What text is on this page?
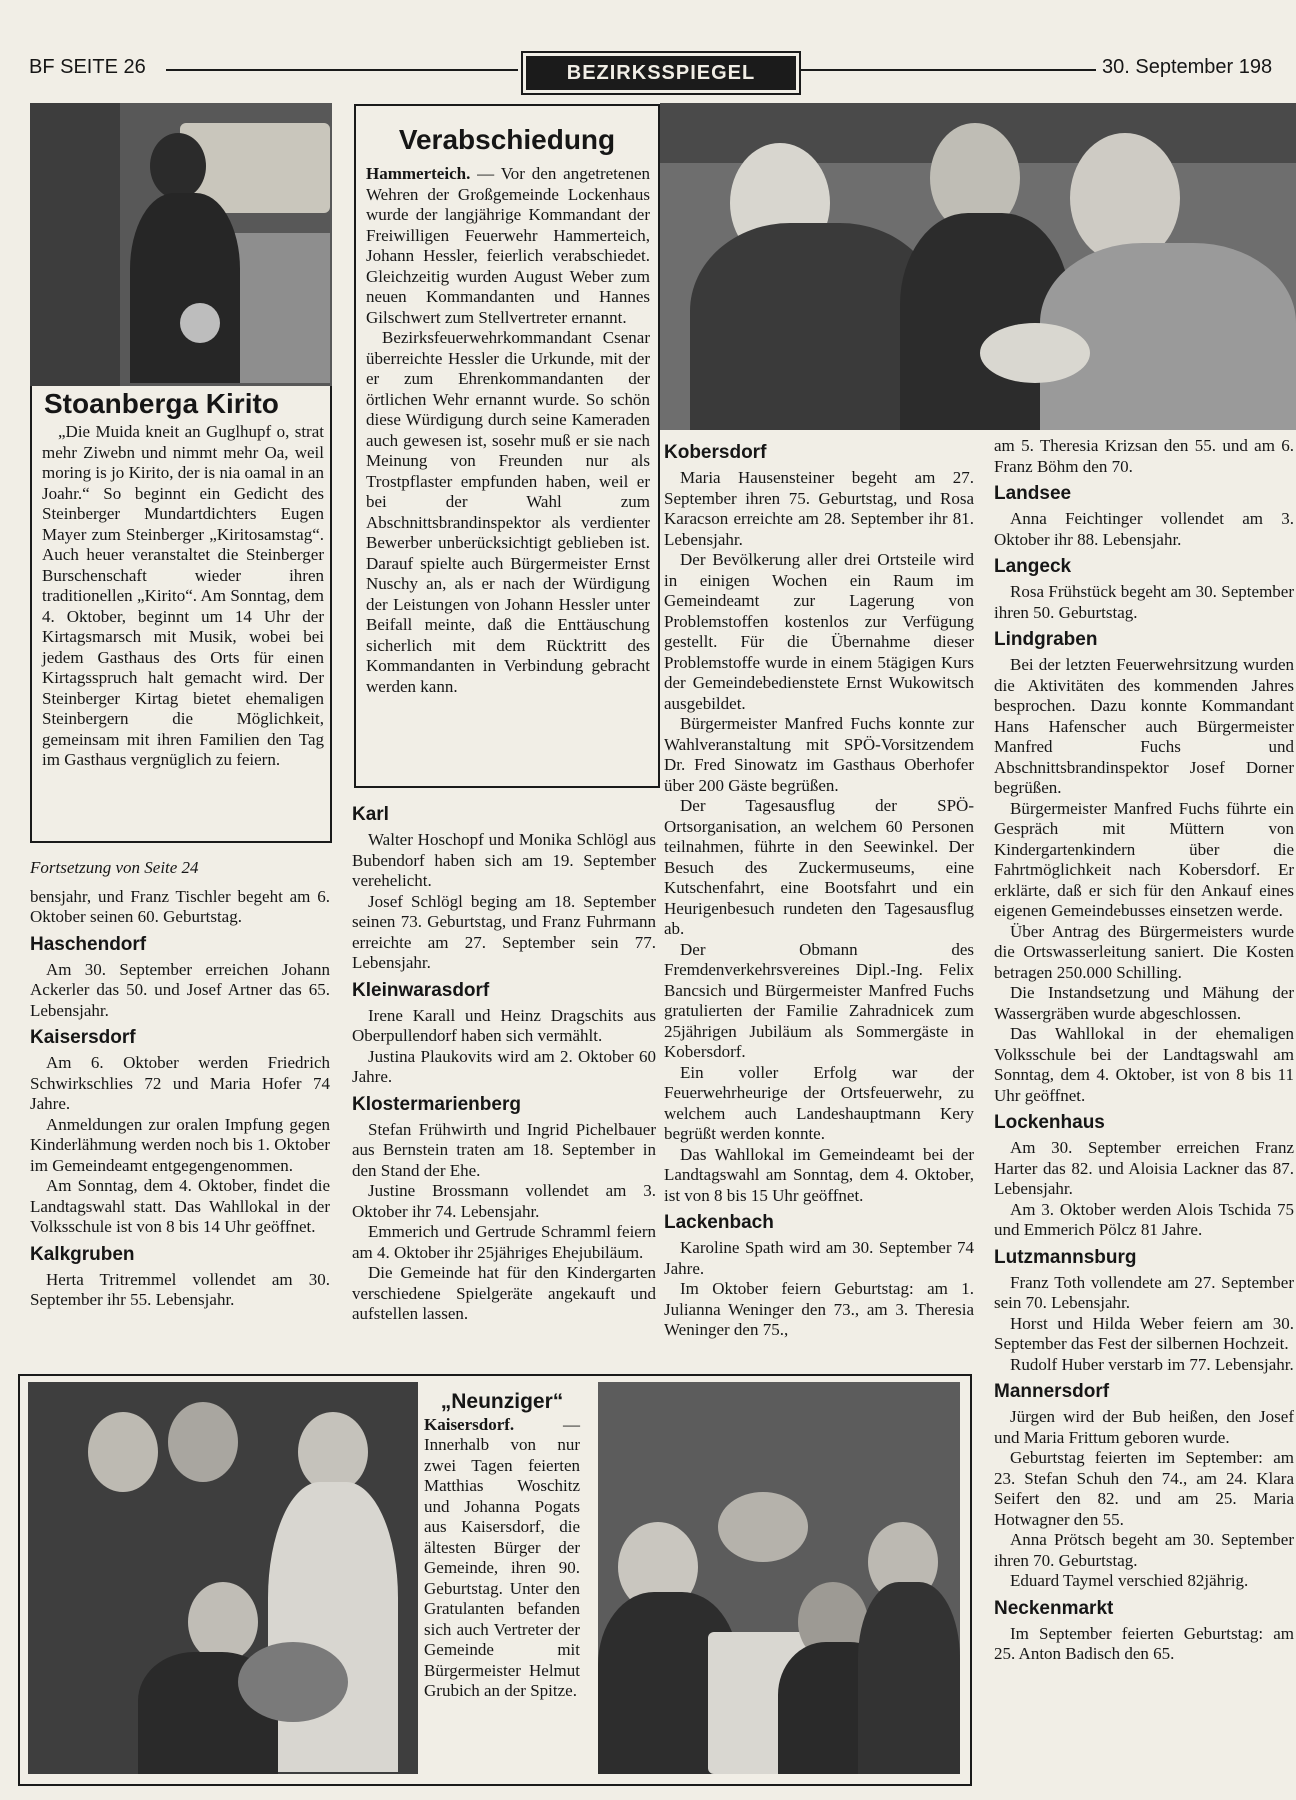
BF SEITE 26	BEZIRKSSPIEGEL	30. September 198
Stoanberga Kirito

„Die Muida kneit an Guglhupf o, strat mehr Ziwebn und nimmt mehr Oa, weil moring is jo Kirito, der is nia oamal in an Joahr.“ So beginnt ein Gedicht des Steinberger Mundartdichters Eugen Mayer zum Steinberger „Kiritosamstag“. Auch heuer veranstaltet die Steinberger Burschenschaft wieder ihren traditionellen „Kirito“. Am Sonntag, dem 4. Oktober, beginnt um 14 Uhr der Kirtagsmarsch mit Musik, wobei bei jedem Gasthaus des Orts für einen Kirtagsspruch halt gemacht wird. Der Steinberger Kirtag bietet ehemaligen Steinbergern die Möglichkeit, gemeinsam mit ihren Familien den Tag im Gasthaus vergnüglich zu feiern.

Fortsetzung von Seite 24

bensjahr, und Franz Tischler begeht am 6. Oktober seinen 60. Geburtstag.

Haschendorf

Am 30. September erreichen Johann Ackerler das 50. und Josef Artner das 65. Lebensjahr.

Kaisersdorf

Am 6. Oktober werden Friedrich Schwirkschlies 72 und Maria Hofer 74 Jahre.

Anmeldungen zur oralen Impfung gegen Kinderlähmung werden noch bis 1. Oktober im Gemeindeamt entgegengenommen.

Am Sonntag, dem 4. Oktober, findet die Landtagswahl statt. Das Wahllokal in der Volksschule ist von 8 bis 14 Uhr geöffnet.

Kalkgruben

Herta Tritremmel vollendet am 30. September ihr 55. Lebensjahr.

Verabschiedung

Hammerteich. — Vor den angetretenen Wehren der Großgemeinde Lockenhaus wurde der langjährige Kommandant der Freiwilligen Feuerwehr Hammerteich, Johann Hessler, feierlich verabschiedet. Gleichzeitig wurden August Weber zum neuen Kommandanten und Hannes Gilschwert zum Stellvertreter ernannt.

Bezirksfeuerwehrkommandant Csenar überreichte Hessler die Urkunde, mit der er zum Ehrenkommandanten der örtlichen Wehr ernannt wurde. So schön diese Würdigung durch seine Kameraden auch gewesen ist, sosehr muß er sie nach Meinung von Freunden nur als Trostpflaster empfunden haben, weil er bei der Wahl zum Abschnittsbrandinspektor als verdienter Bewerber unberücksichtigt geblieben ist. Darauf spielte auch Bürgermeister Ernst Nuschy an, als er nach der Würdigung der Leistungen von Johann Hessler unter Beifall meinte, daß die Enttäuschung sicherlich mit dem Rücktritt des Kommandanten in Verbindung gebracht werden kann.

Karl

Walter Hoschopf und Monika Schlögl aus Bubendorf haben sich am 19. September verehelicht.

Josef Schlögl beging am 18. September seinen 73. Geburtstag, und Franz Fuhrmann erreichte am 27. September sein 77. Lebensjahr.

Kleinwarasdorf

Irene Karall und Heinz Dragschits aus Oberpullendorf haben sich vermählt.

Justina Plaukovits wird am 2. Oktober 60 Jahre.

Klostermarienberg

Stefan Frühwirth und Ingrid Pichelbauer aus Bernstein traten am 18. September in den Stand der Ehe.

Justine Brossmann vollendet am 3. Oktober ihr 74. Lebensjahr.

Emmerich und Gertrude Schramml feiern am 4. Oktober ihr 25jähriges Ehejubiläum.

Die Gemeinde hat für den Kindergarten verschiedene Spielgeräte angekauft und aufstellen lassen.

Kobersdorf

Maria Hausensteiner begeht am 27. September ihren 75. Geburtstag, und Rosa Karacson erreichte am 28. September ihr 81. Lebensjahr.

Der Bevölkerung aller drei Ortsteile wird in einigen Wochen ein Raum im Gemeindeamt zur Lagerung von Problemstoffen kostenlos zur Verfügung gestellt. Für die Übernahme dieser Problemstoffe wurde in einem 5tägigen Kurs der Gemeindebedienstete Ernst Wukowitsch ausgebildet.

Bürgermeister Manfred Fuchs konnte zur Wahlveranstaltung mit SPÖ-Vorsitzendem Dr. Fred Sinowatz im Gasthaus Oberhofer über 200 Gäste begrüßen.

Der Tagesausflug der SPÖ-Ortsorganisation, an welchem 60 Personen teilnahmen, führte in den Seewinkel. Der Besuch des Zuckermuseums, eine Kutschenfahrt, eine Bootsfahrt und ein Heurigenbesuch rundeten den Tagesausflug ab.

Der Obmann des Fremdenverkehrsvereines Dipl.-Ing. Felix Bancsich und Bürgermeister Manfred Fuchs gratulierten der Familie Zahradnicek zum 25jährigen Jubiläum als Sommergäste in Kobersdorf.

Ein voller Erfolg war der Feuerwehrheurige der Ortsfeuerwehr, zu welchem auch Landeshauptmann Kery begrüßt werden konnte.

Das Wahllokal im Gemeindeamt bei der Landtagswahl am Sonntag, dem 4. Oktober, ist von 8 bis 15 Uhr geöffnet.

Lackenbach

Karoline Spath wird am 30. September 74 Jahre.

Im Oktober feiern Geburtstag: am 1. Julianna Weninger den 73., am 3. Theresia Weninger den 75.,

am 5. Theresia Krizsan den 55. und am 6. Franz Böhm den 70.

Landsee

Anna Feichtinger vollendet am 3. Oktober ihr 88. Lebensjahr.

Langeck

Rosa Frühstück begeht am 30. September ihren 50. Geburtstag.

Lindgraben

Bei der letzten Feuerwehrsitzung wurden die Aktivitäten des kommenden Jahres besprochen. Dazu konnte Kommandant Hans Hafenscher auch Bürgermeister Manfred Fuchs und Abschnittsbrandinspektor Josef Dorner begrüßen.

Bürgermeister Manfred Fuchs führte ein Gespräch mit Müttern von Kindergartenkindern über die Fahrtmöglichkeit nach Kobersdorf. Er erklärte, daß er sich für den Ankauf eines eigenen Gemeindebusses einsetzen werde.

Über Antrag des Bürgermeisters wurde die Ortswasserleitung saniert. Die Kosten betragen 250.000 Schilling.

Die Instandsetzung und Mähung der Wassergräben wurde abgeschlossen.

Das Wahllokal in der ehemaligen Volksschule bei der Landtagswahl am Sonntag, dem 4. Oktober, ist von 8 bis 11 Uhr geöffnet.

Lockenhaus

Am 30. September erreichen Franz Harter das 82. und Aloisia Lackner das 87. Lebensjahr.

Am 3. Oktober werden Alois Tschida 75 und Emmerich Pölcz 81 Jahre.

Lutzmannsburg

Franz Toth vollendete am 27. September sein 70. Lebensjahr.

Horst und Hilda Weber feiern am 30. September das Fest der silbernen Hochzeit.

Rudolf Huber verstarb im 77. Lebensjahr.

Mannersdorf

Jürgen wird der Bub heißen, den Josef und Maria Frittum geboren wurde.

Geburtstag feierten im September: am 23. Stefan Schuh den 74., am 24. Klara Seifert den 82. und am 25. Maria Hotwagner den 55.

Anna Prötsch begeht am 30. September ihren 70. Geburtstag.

Eduard Taymel verschied 82jährig.

Neckenmarkt

Im September feierten Geburtstag: am 25. Anton Badisch den 65.

„Neunziger“

Kaisersdorf. — Innerhalb von nur zwei Tagen feierten Matthias Woschitz und Johanna Pogats aus Kaisersdorf, die ältesten Bürger der Gemeinde, ihren 90. Geburtstag. Unter den Gratulanten befanden sich auch Vertreter der Gemeinde mit Bürgermeister Helmut Grubich an der Spitze.
